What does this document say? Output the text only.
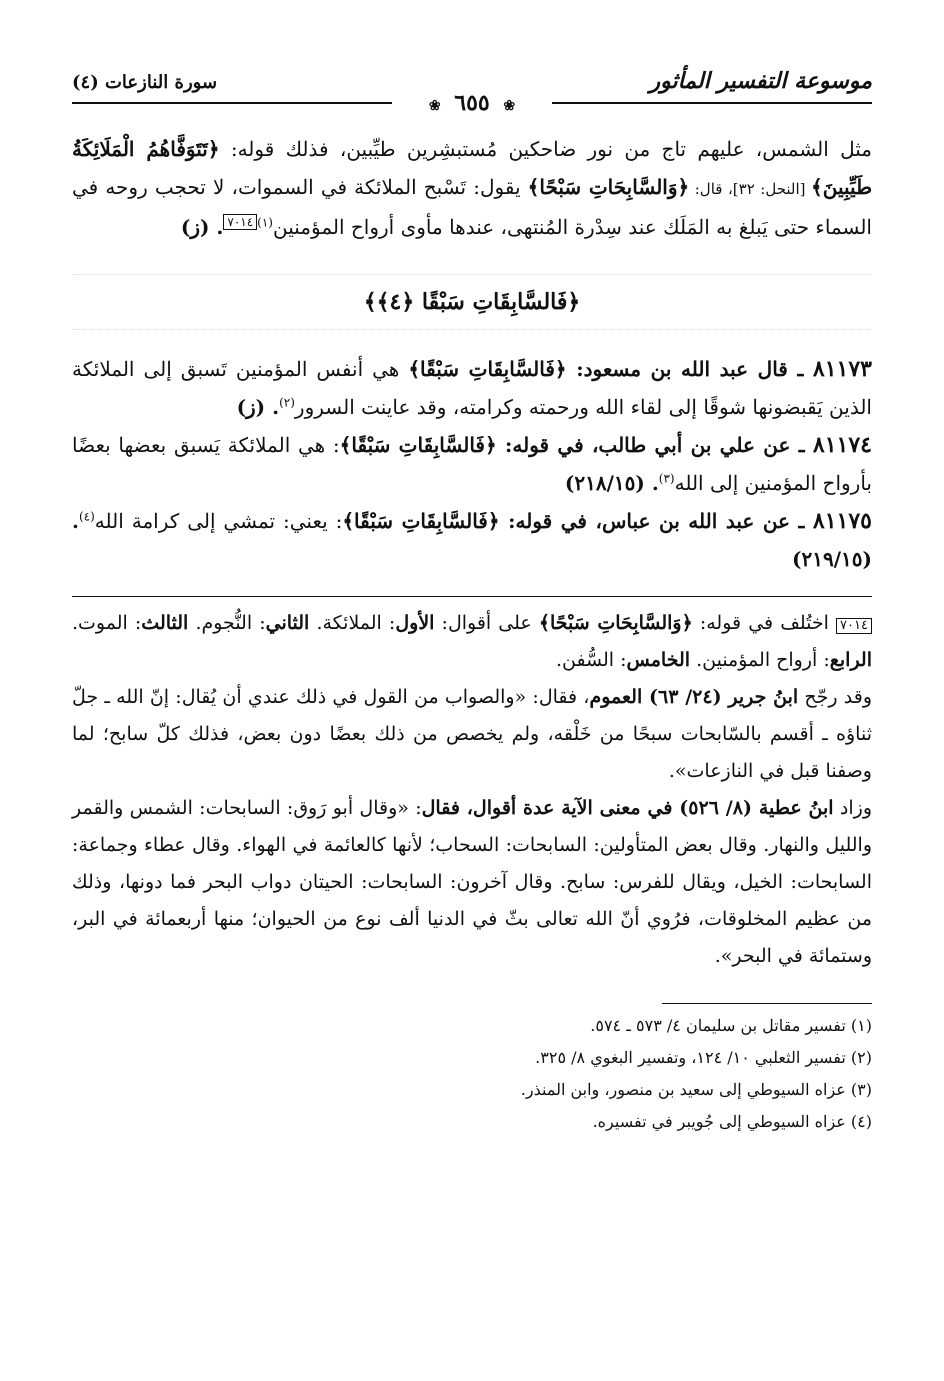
موسوعة التفسير المأثور
❀ ٦٥٥ ❀
سورة النازعات (٤)

مثل الشمس، عليهم تاج من نور ضاحكين مُستبشِرين طيِّبين، فذلك قوله: ﴿تَتَوَفَّاهُمُ الْمَلَائِكَةُ طَيِّبِينَ﴾ [النحل: ٣٢]، قال: ﴿وَالسَّابِحَاتِ سَبْحًا﴾ يقول: تَسْبح الملائكة في السموات، لا تحجب روحه في السماء حتى يَبلغ به المَلَك عند سِدْرة المُنتهى، عندها مأوى أرواح المؤمنين$^{(١)}$٧٠١٤. (ز)

﴿فَالسَّابِقَاتِ سَبْقًا ﴿٤﴾﴾

٨١١٧٣ ـ قال عبد الله بن مسعود: ﴿فَالسَّابِقَاتِ سَبْقًا﴾ هي أنفس المؤمنين تَسبق إلى الملائكة الذين يَقبضونها شوقًا إلى لقاء الله ورحمته وكرامته، وقد عاينت السرور$^{(٢)}$. (ز)

٨١١٧٤ ـ عن علي بن أبي طالب، في قوله: ﴿فَالسَّابِقَاتِ سَبْقًا﴾: هي الملائكة يَسبق بعضها بعضًا بأرواح المؤمنين إلى الله$^{(٣)}$. (٢١٨/١٥)

٨١١٧٥ ـ عن عبد الله بن عباس، في قوله: ﴿فَالسَّابِقَاتِ سَبْقًا﴾: يعني: تمشي إلى كرامة الله$^{(٤)}$. (٢١٩/١٥)

٧٠١٤ اختُلف في قوله: ﴿وَالسَّابِحَاتِ سَبْحًا﴾ على أقوال: الأول: الملائكة. الثاني: النُّجوم. الثالث: الموت. الرابع: أرواح المؤمنين. الخامس: السُّفن.

وقد رجّح ابنُ جرير (٢٤/ ٦٣) العموم، فقال: «والصواب من القول في ذلك عندي أن يُقال: إنّ الله ـ جلّ ثناؤه ـ أقسم بالسّابحات سبحًا من خَلْقه، ولم يخصص من ذلك بعضًا دون بعض، فذلك كلّ سابح؛ لما وصفنا قبل في النازعات».

وزاد ابنُ عطية (٨/ ٥٢٦) في معنى الآية عدة أقوال، فقال: «وقال أبو رَوق: السابحات: الشمس والقمر والليل والنهار. وقال بعض المتأولين: السابحات: السحاب؛ لأنها كالعائمة في الهواء. وقال عطاء وجماعة: السابحات: الخيل، ويقال للفرس: سابح. وقال آخرون: السابحات: الحيتان دواب البحر فما دونها، وذلك من عظيم المخلوقات، فرُوي أنّ الله تعالى بثّ في الدنيا ألف نوع من الحيوان؛ منها أربعمائة في البر، وستمائة في البحر».

(١) تفسير مقاتل بن سليمان ٤/ ٥٧٣ ـ ٥٧٤.

(٢) تفسير الثعلبي ١٠/ ١٢٤، وتفسير البغوي ٨/ ٣٢٥.

(٣) عزاه السيوطي إلى سعيد بن منصور، وابن المنذر.

(٤) عزاه السيوطي إلى جُويبر في تفسيره.
